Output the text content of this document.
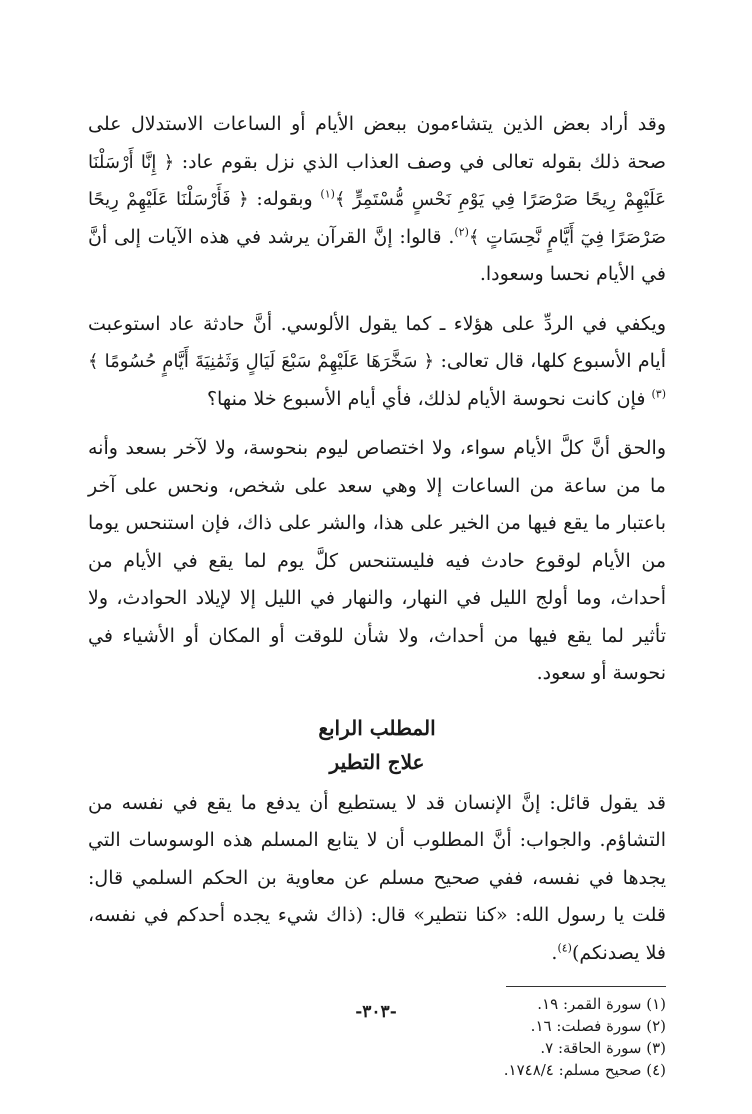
وقد أراد بعض الذين يتشاءمون ببعض الأيام أو الساعات الاستدلال على صحة ذلك بقوله تعالى في وصف العذاب الذي نزل بقوم عاد: ﴿ إِنَّا أَرْسَلْنَا عَلَيْهِمْ رِيحًا صَرْصَرًا فِي يَوْمِ نَحْسٍ مُّسْتَمِرٍّ ﴾$^{(١)}$ وبقوله: ﴿ فَأَرْسَلْنَا عَلَيْهِمْ رِيحًا صَرْصَرًا فِيٓ أَيَّامٍ نَّحِسَاتٍ ﴾$^{(٢)}$. قالوا: إنَّ القرآن يرشد في هذه الآيات إلى أنَّ في الأيام نحسا وسعودا.

ويكفي في الردِّ على هؤلاء ـ كما يقول الألوسي. أنَّ حادثة عاد استوعبت أيام الأسبوع كلها، قال تعالى: ﴿ سَخَّرَهَا عَلَيْهِمْ سَبْعَ لَيَالٍ وَثَمَٰنِيَةَ أَيَّامٍ حُسُومًا ﴾$^{(٣)}$ فإن كانت نحوسة الأيام لذلك، فأي أيام الأسبوع خلا منها؟

والحق أنَّ كلَّ الأيام سواء، ولا اختصاص ليوم بنحوسة، ولا لآخر بسعد وأنه ما من ساعة من الساعات إلا وهي سعد على شخص، ونحس على آخر باعتبار ما يقع فيها من الخير على هذا، والشر على ذاك، فإن استنحس يوما من الأيام لوقوع حادث فيه فليستنحس كلَّ يوم لما يقع في الأيام من أحداث، وما أولج الليل في النهار، والنهار في الليل إلا لإيلاد الحوادث، ولا تأثير لما يقع فيها من أحداث، ولا شأن للوقت أو المكان أو الأشياء في نحوسة أو سعود.

المطلب الرابع

علاج التطير

قد يقول قائل: إنَّ الإنسان قد لا يستطيع أن يدفع ما يقع في نفسه من التشاؤم. والجواب: أنَّ المطلوب أن لا يتابع المسلم هذه الوسوسات التي يجدها في نفسه، ففي صحيح مسلم عن معاوية بن الحكم السلمي قال: قلت يا رسول الله: «كنا نتطير» قال: (ذاك شيء يجده أحدكم في نفسه، فلا يصدنكم)$^{(٤)}$.

(١) سورة القمر: ١٩.

(٢) سورة فصلت: ١٦.

(٣) سورة الحاقة: ٧.

(٤) صحيح مسلم: ١٧٤٨/٤.

-٣٠٣-
